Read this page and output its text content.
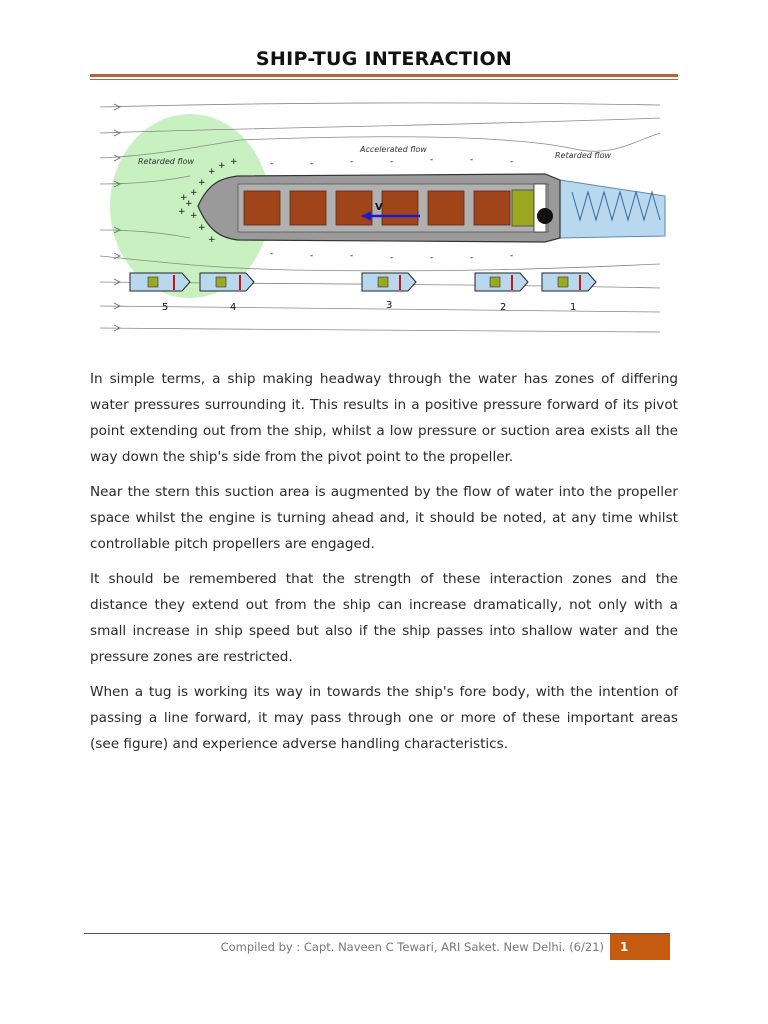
SHIP-TUG INTERACTION
V
Retarded flow
Accelerated flow
Retarded flow
+
+
+
+
+
+
+ +
+
+
+
-	-	-	-	-	-	-
-	-	-	-	-	-	-
5	4	3	2	1

In simple terms, a ship making headway through the water has zones of differing water pressures surrounding it. This results in a positive pressure forward of its pivot point extending out from the ship, whilst a low pressure or suction area exists all the way down the ship's side from the pivot point to the propeller.

Near the stern this suction area is augmented by the flow of water into the propeller space whilst the engine is turning ahead and, it should be noted, at any time whilst controllable pitch propellers are engaged.

It should be remembered that the strength of these interaction zones and the distance they extend out from the ship can increase dramatically, not only with a small increase in ship speed but also if the ship passes into shallow water and the pressure zones are restricted.

When a tug is working its way in towards the ship's fore body, with the intention of passing a line forward, it may pass through one or more of these important areas (see figure) and experience adverse handling characteristics.

Compiled by : Capt. Naveen C Tewari, ARI Saket. New Delhi. (6/21)	1
